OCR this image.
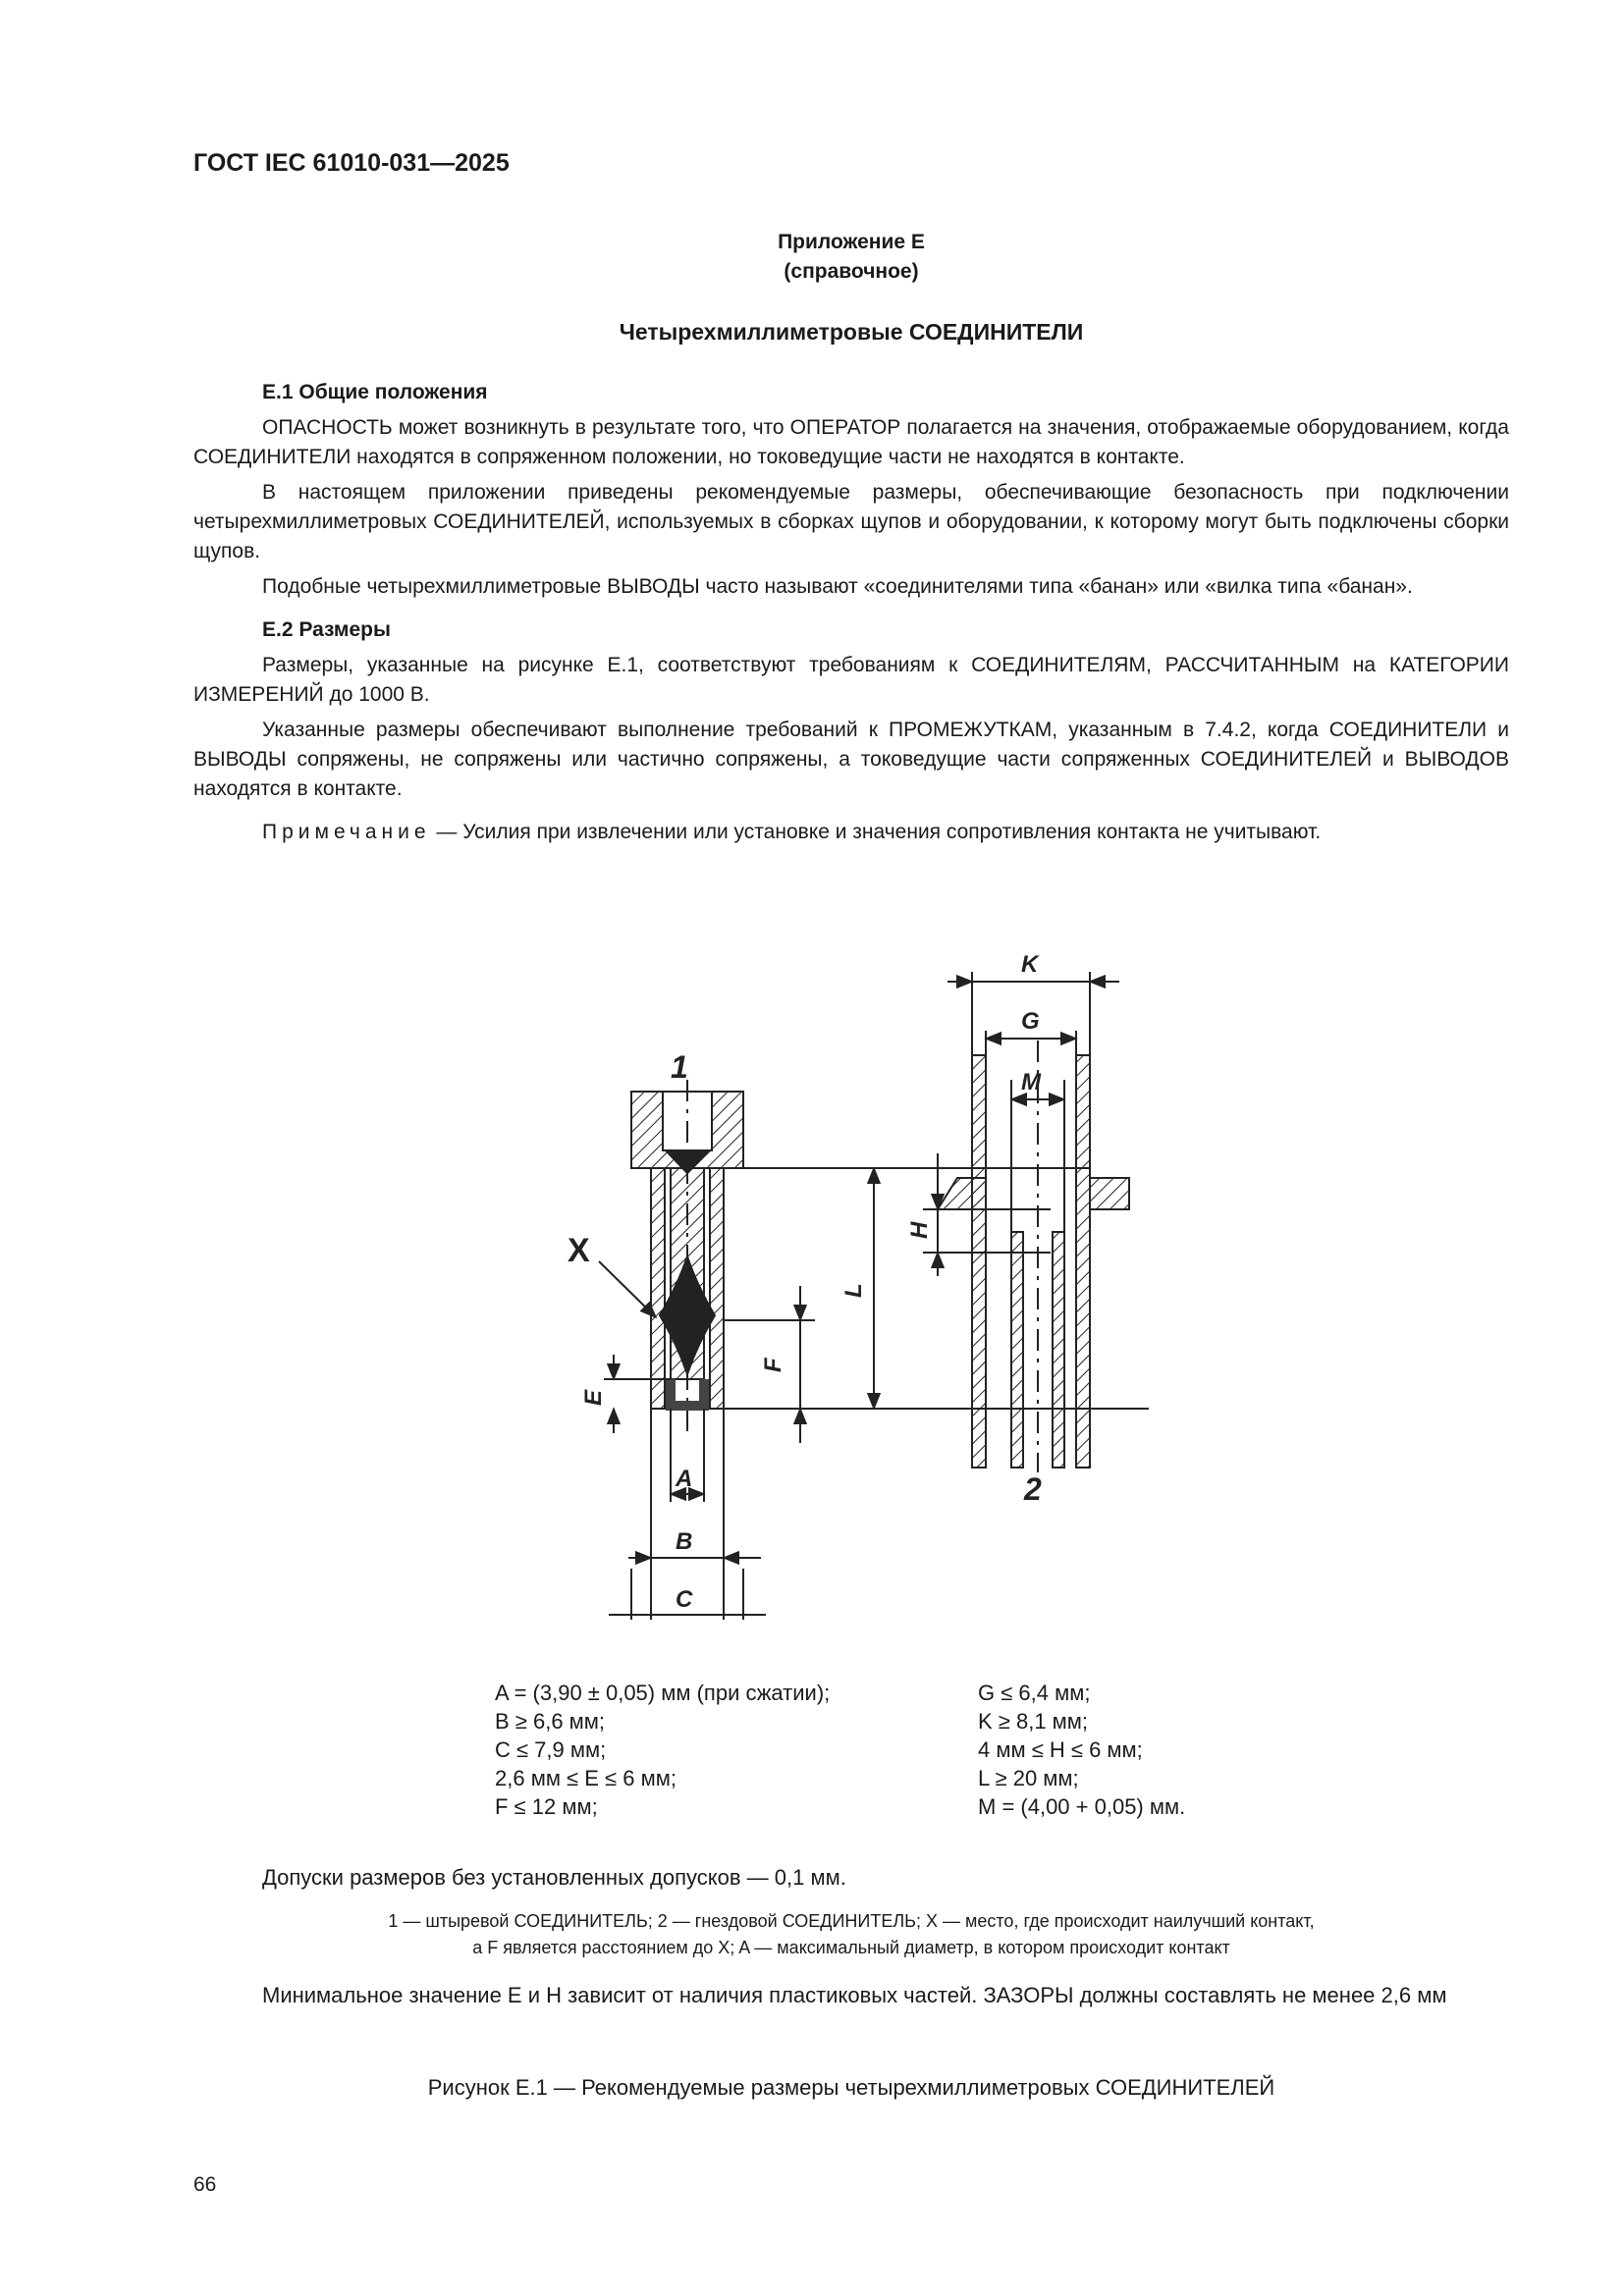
ГОСТ IEC 61010-031—2025
Приложение Е
(справочное)
Четырехмиллиметровые СОЕДИНИТЕЛИ
Е.1 Общие положения

ОПАСНОСТЬ может возникнуть в результате того, что ОПЕРАТОР полагается на значения, отображаемые оборудованием, когда СОЕДИНИТЕЛИ находятся в сопряженном положении, но токоведущие части не находятся в контакте.

В настоящем приложении приведены рекомендуемые размеры, обеспечивающие безопасность при подключении четырехмиллиметровых СОЕДИНИТЕЛЕЙ, используемых в сборках щупов и оборудовании, к которому могут быть подключены сборки щупов.

Подобные четырехмиллиметровые ВЫВОДЫ часто называют «соединителями типа «банан» или «вилка типа «банан».

Е.2 Размеры

Размеры, указанные на рисунке Е.1, соответствуют требованиям к СОЕДИНИТЕЛЯМ, РАССЧИТАННЫМ на КАТЕГОРИИ ИЗМЕРЕНИЙ до 1000 В.

Указанные размеры обеспечивают выполнение требований к ПРОМЕЖУТКАМ, указанным в 7.4.2, когда СОЕДИНИТЕЛИ и ВЫВОДЫ сопряжены, не сопряжены или частично сопряжены, а токоведущие части сопряженных СОЕДИНИТЕЛЕЙ и ВЫВОДОВ находятся в контакте.

Примечание — Усилия при извлечении или установке и значения сопротивления контакта не учитывают.

1
2
X
A
B
C
E
F
L
H
K
G
M
A = (3,90 ± 0,05) мм (при сжатии);
B ≥ 6,6 мм;
C ≤ 7,9 мм;
2,6 мм ≤ E ≤ 6 мм;
F ≤ 12 мм;
G ≤ 6,4 мм;
K ≥ 8,1 мм;
4 мм ≤ H ≤ 6 мм;
L ≥ 20 мм;
M = (4,00 + 0,05) мм.
Допуски размеров без установленных допусков — 0,1 мм.
1 — штыревой СОЕДИНИТЕЛЬ; 2 — гнездовой СОЕДИНИТЕЛЬ; X — место, где происходит наилучший контакт,
а F является расстоянием до X; A — максимальный диаметр, в котором происходит контакт

Минимальное значение E и H зависит от наличия пластиковых частей. ЗАЗОРЫ должны составлять не менее 2,6 мм

Рисунок Е.1 — Рекомендуемые размеры четырехмиллиметровых СОЕДИНИТЕЛЕЙ
66
